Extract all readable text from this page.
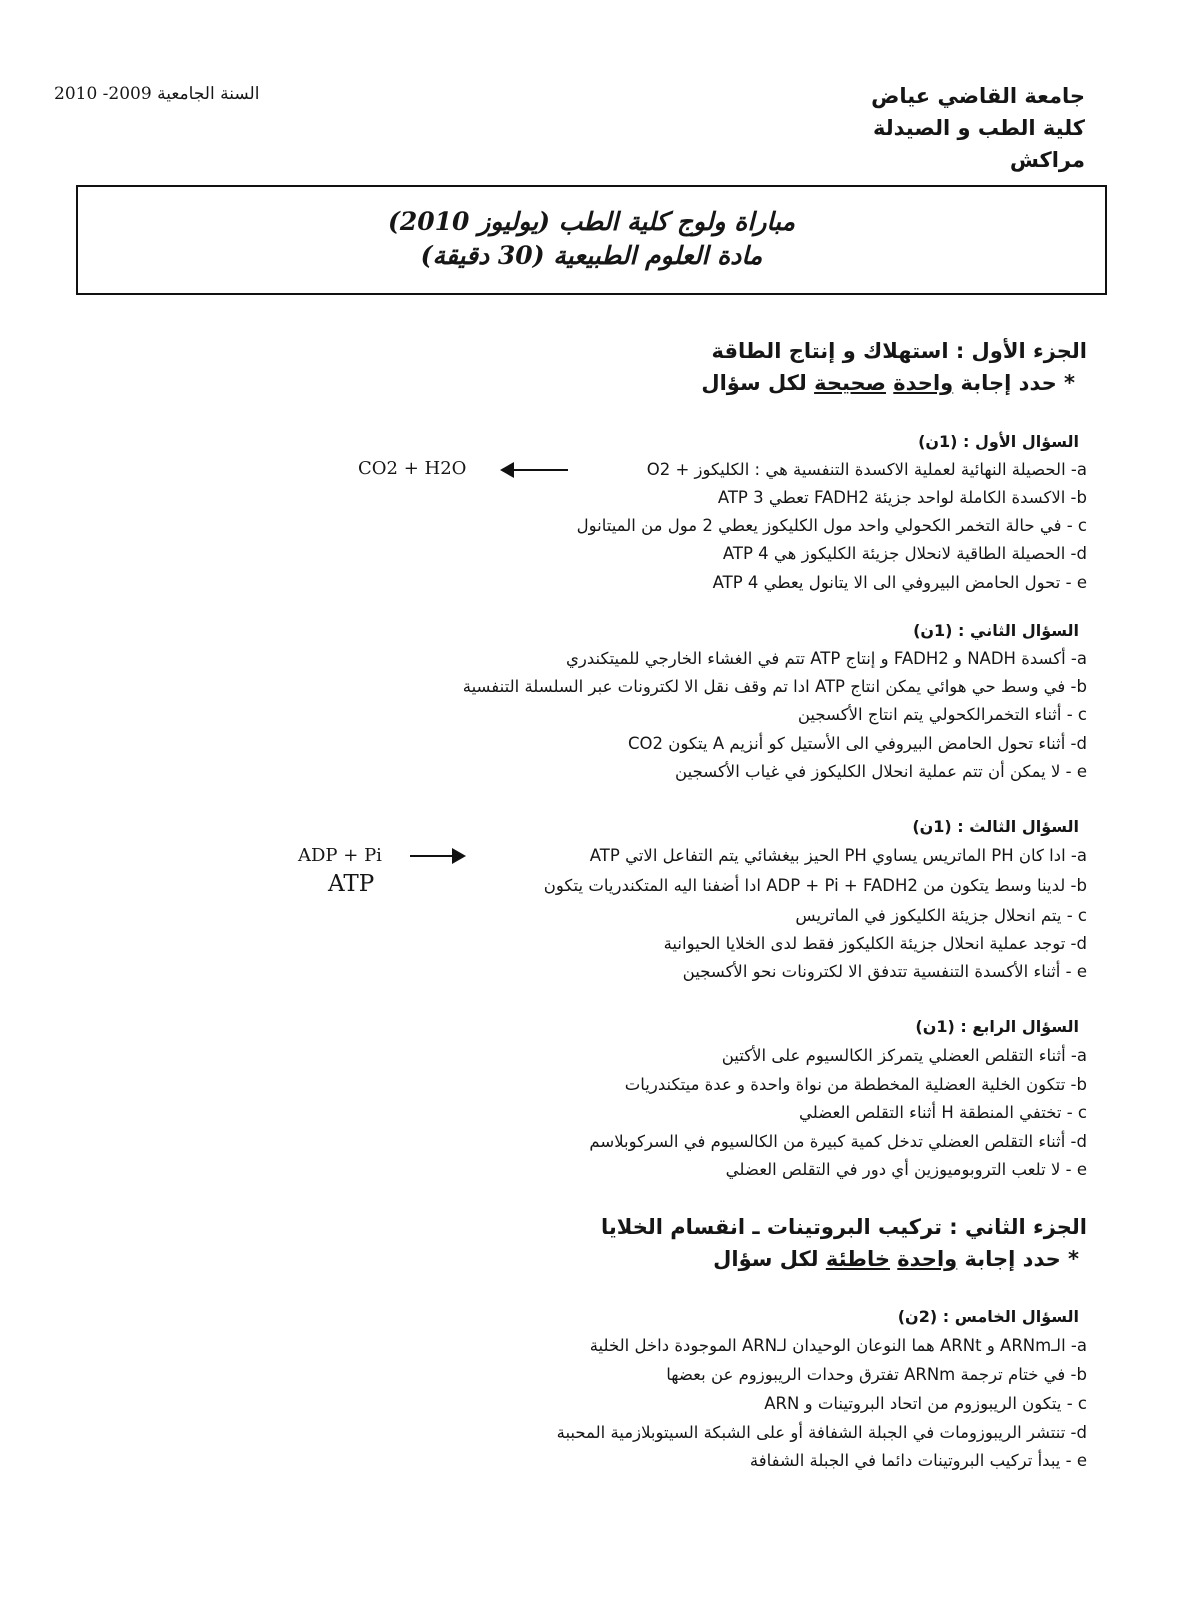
جامعة القاضي عياض
كلية الطب و الصيدلة
مراكش
السنة الجامعية 2009- 2010
مباراة ولوج كلية الطب (يوليوز 2010)
مادة العلوم الطبيعية (30 دقيقة)
الجزء الأول : استهلاك و إنتاج الطاقة
* حدد إجابة واحدة صحيحة لكل سؤال
السؤال الأول : (1ن)
a- الحصيلة النهائية لعملية الاكسدة التنفسية هي : الكليكوز + O2
CO2 + H2O
b- الاكسدة الكاملة لواحد جزيئة FADH2 تعطي 3 ATP
c - في حالة التخمر الكحولي واحد مول الكليكوز يعطي 2 مول من الميتانول
d- الحصيلة الطاقية لانحلال جزيئة الكليكوز هي ATP 4
e - تحول الحامض البيروفي الى الا يتانول يعطي ATP 4
السؤال الثاني : (1ن)
a- أكسدة NADH و FADH2 و إنتاج ATP تتم في الغشاء الخارجي للميتكندري
b- في وسط حي هوائي يمكن انتاج ATP ادا تم وقف نقل الا لكترونات عبر السلسلة التنفسية
c - أثناء التخمرالكحولي يتم انتاج الأكسجين
d- أثناء تحول الحامض البيروفي الى الأستيل كو أنزيم A يتكون CO2
e - لا يمكن أن تتم عملية انحلال الكليكوز في غياب الأكسجين
السؤال الثالث : (1ن)
a- ادا كان PH الماتريس يساوي PH الحيز بيغشائي يتم التفاعل الاتي ATP
ADP + Pi
b- لدينا وسط يتكون من ADP + Pi + FADH2 ادا أضفنا اليه المتكندريات يتكون
ATP
c - يتم انحلال جزيئة الكليكوز في الماتريس
d- توجد عملية انحلال جزيئة الكليكوز فقط لدى الخلايا الحيوانية
e - أثناء الأكسدة التنفسية تتدفق الا لكترونات نحو الأكسجين
السؤال الرابع : (1ن)
a- أثناء التقلص العضلي يتمركز الكالسيوم على الأكتين
b- تتكون الخلية العضلية المخططة من نواة واحدة و عدة ميتكندريات
c - تختفي المنطقة H أثناء التقلص العضلي
d- أثناء التقلص العضلي تدخل كمية كبيرة من الكالسيوم في السركوبلاسم
e - لا تلعب التروبوميوزين أي دور في التقلص العضلي
الجزء الثاني : تركيب البروتينات ـ انقسام الخلايا
* حدد إجابة واحدة خاطئة لكل سؤال
السؤال الخامس : (2ن)
a- الـARNm و ARNt هما النوعان الوحيدان لـARN الموجودة داخل الخلية
b- في ختام ترجمة ARNm تفترق وحدات الريبوزوم عن بعضها
c - يتكون الريبوزوم من اتحاد البروتينات و ARN
d- تنتشر الريبوزومات في الجبلة الشفافة أو على الشبكة السيتوبلازمية المحببة
e - يبدأ تركيب البروتينات دائما في الجبلة الشفافة
